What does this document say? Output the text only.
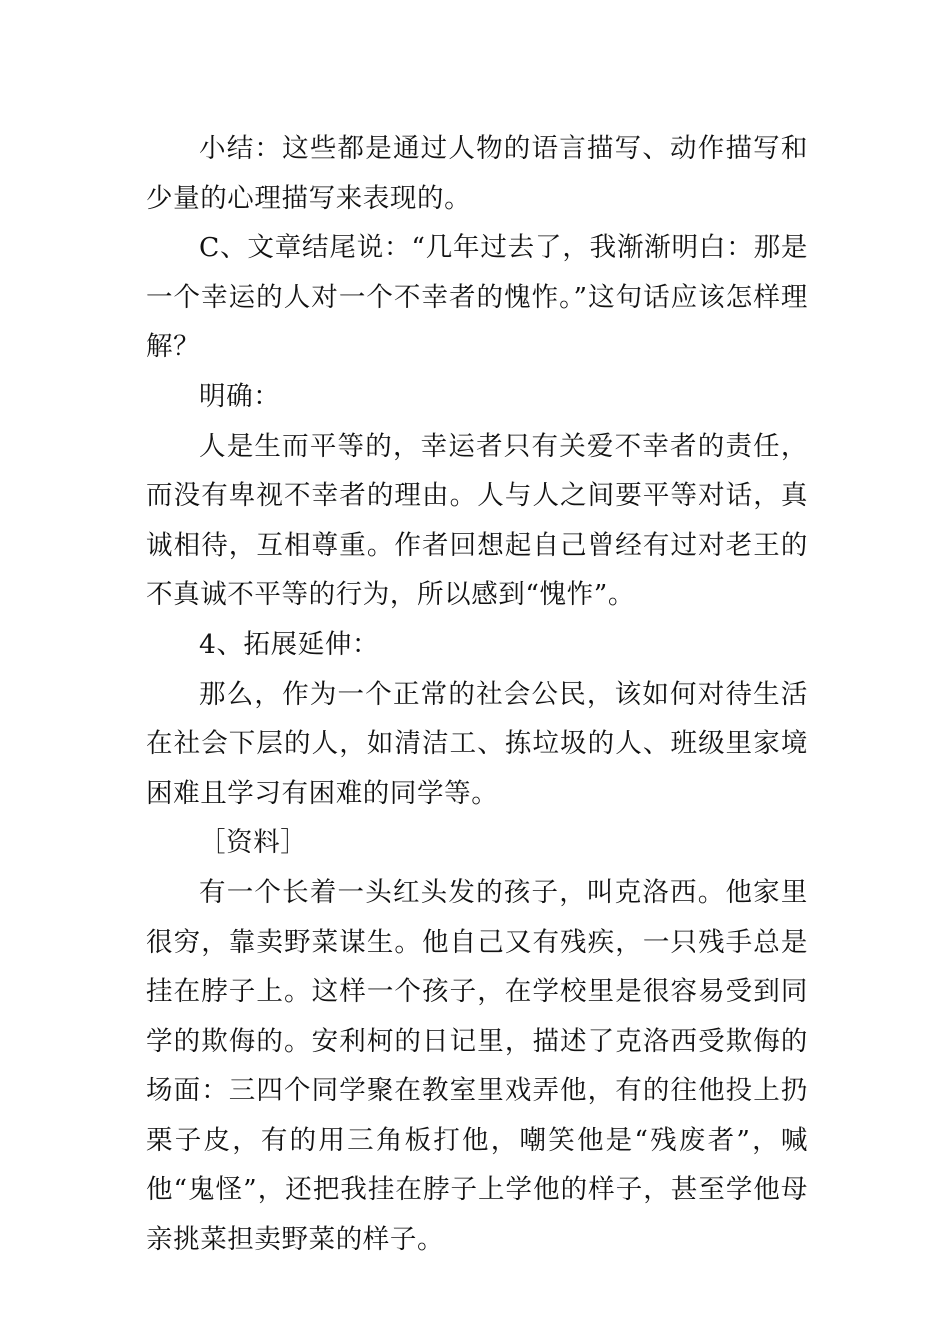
小结：这些都是通过人物的语言描写、动作描写和少量的心理描写来表现的。

C、文章结尾说：“几年过去了，我渐渐明白：那是一个幸运的人对一个不幸者的愧怍。”这句话应该怎样理解？

明确：

人是生而平等的，幸运者只有关爱不幸者的责任，而没有卑视不幸者的理由。人与人之间要平等对话，真诚相待，互相尊重。作者回想起自己曾经有过对老王的不真诚不平等的行为，所以感到“愧怍”。

4、拓展延伸：

那么，作为一个正常的社会公民，该如何对待生活在社会下层的人，如清洁工、拣垃圾的人、班级里家境困难且学习有困难的同学等。

［资料］

有一个长着一头红头发的孩子，叫克洛西。他家里很穷，靠卖野菜谋生。他自己又有残疾，一只残手总是挂在脖子上。这样一个孩子，在学校里是很容易受到同学的欺侮的。安利柯的日记里，描述了克洛西受欺侮的场面：三四个同学聚在教室里戏弄他，有的往他投上扔栗子皮，有的用三角板打他，嘲笑他是“残废者”，喊他“鬼怪”，还把我挂在脖子上学他的样子，甚至学他母亲挑菜担卖野菜的样子。
